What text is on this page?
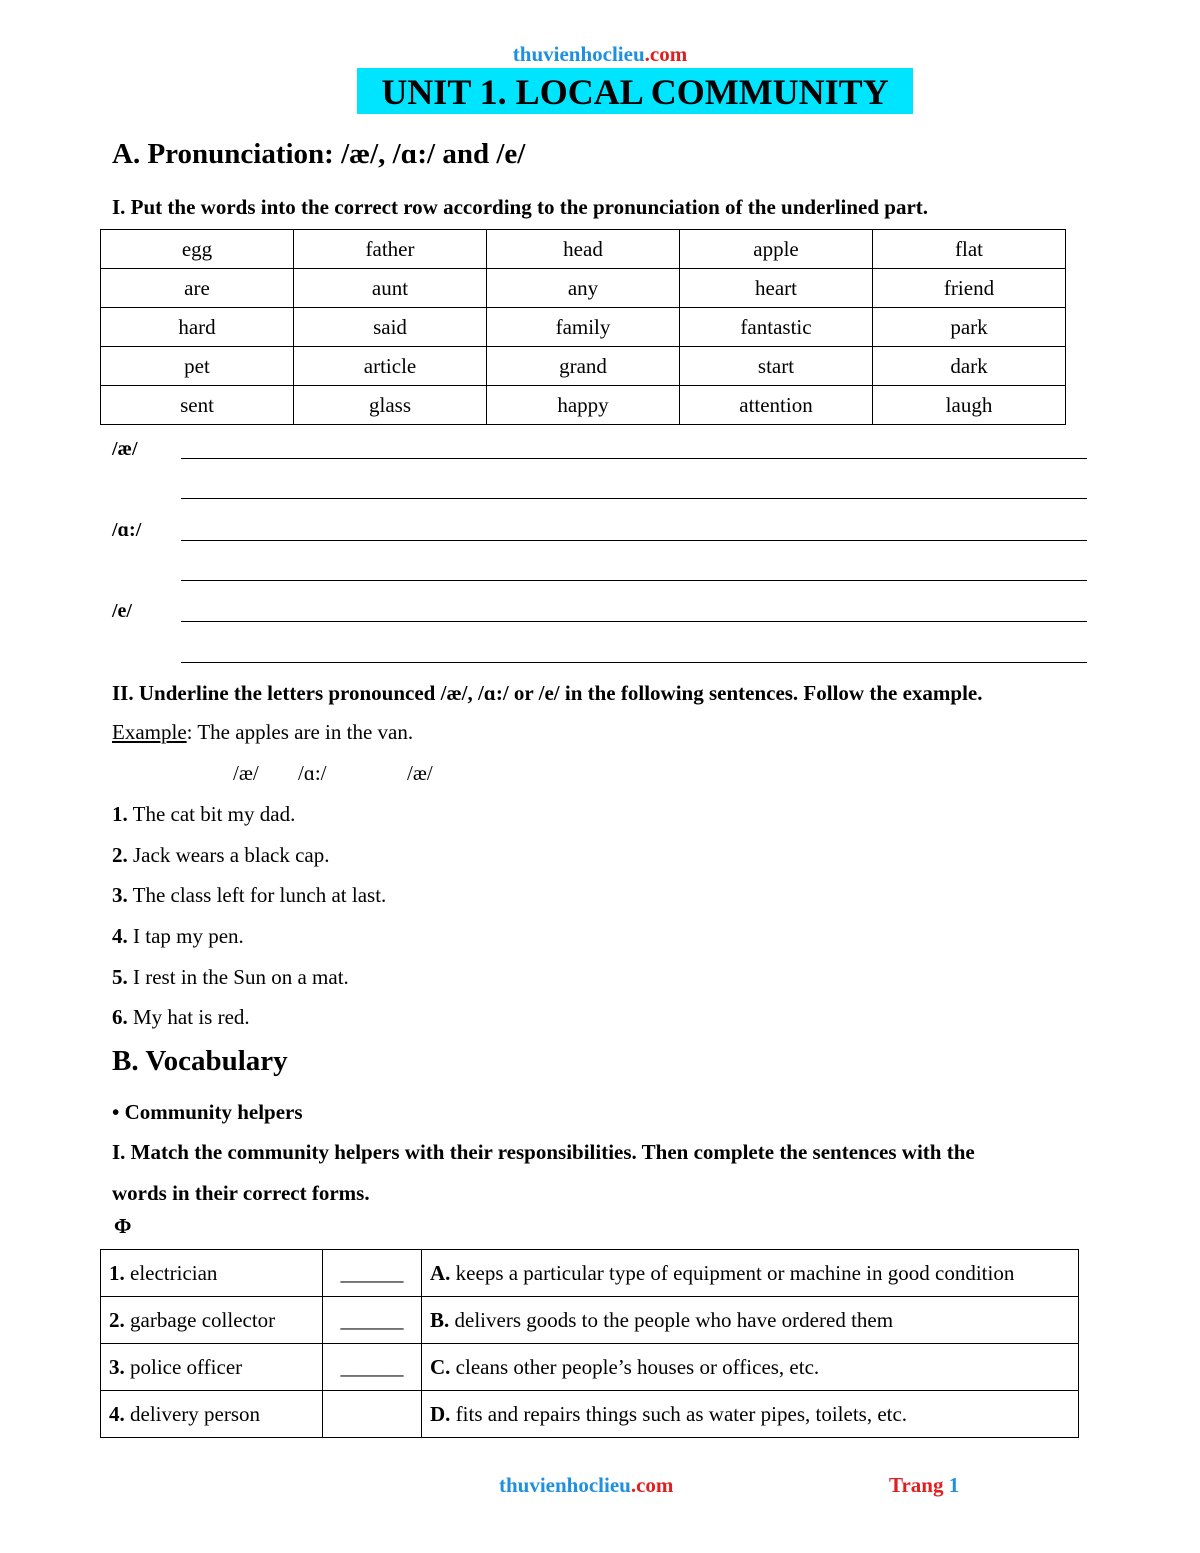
thuvienhoclieu.com
UNIT 1. LOCAL COMMUNITY
A. Pronunciation: /æ/, /ɑ:/ and /e/
I. Put the words into the correct row according to the pronunciation of the underlined part.
egg	father	head	apple	flat
are	aunt	any	heart	friend
hard	said	family	fantastic	park
pet	article	grand	start	dark
sent	glass	happy	attention	laugh
/æ/
/ɑ:/
/e/
II. Underline the letters pronounced /æ/, /ɑ:/ or /e/ in the following sentences. Follow the example.
Example: The apples are in the van.
/æ/ /ɑ:/	/æ/
1. The cat bit my dad.
2. Jack wears a black cap.
3. The class left for lunch at last.
4. I tap my pen.
5. I rest in the Sun on a mat.
6. My hat is red.
B. Vocabulary
• Community helpers
I. Match the community helpers with their responsibilities. Then complete the sentences with the
words in their correct forms.
Φ
1. electrician	______	A. keeps a particular type of equipment or machine in good condition
2. garbage collector	______	B. delivers goods to the people who have ordered them
3. police officer	______	C. cleans other people’s houses or offices, etc.
4. delivery person		D. fits and repairs things such as water pipes, toilets, etc.
thuvienhoclieu.com	Trang 1
